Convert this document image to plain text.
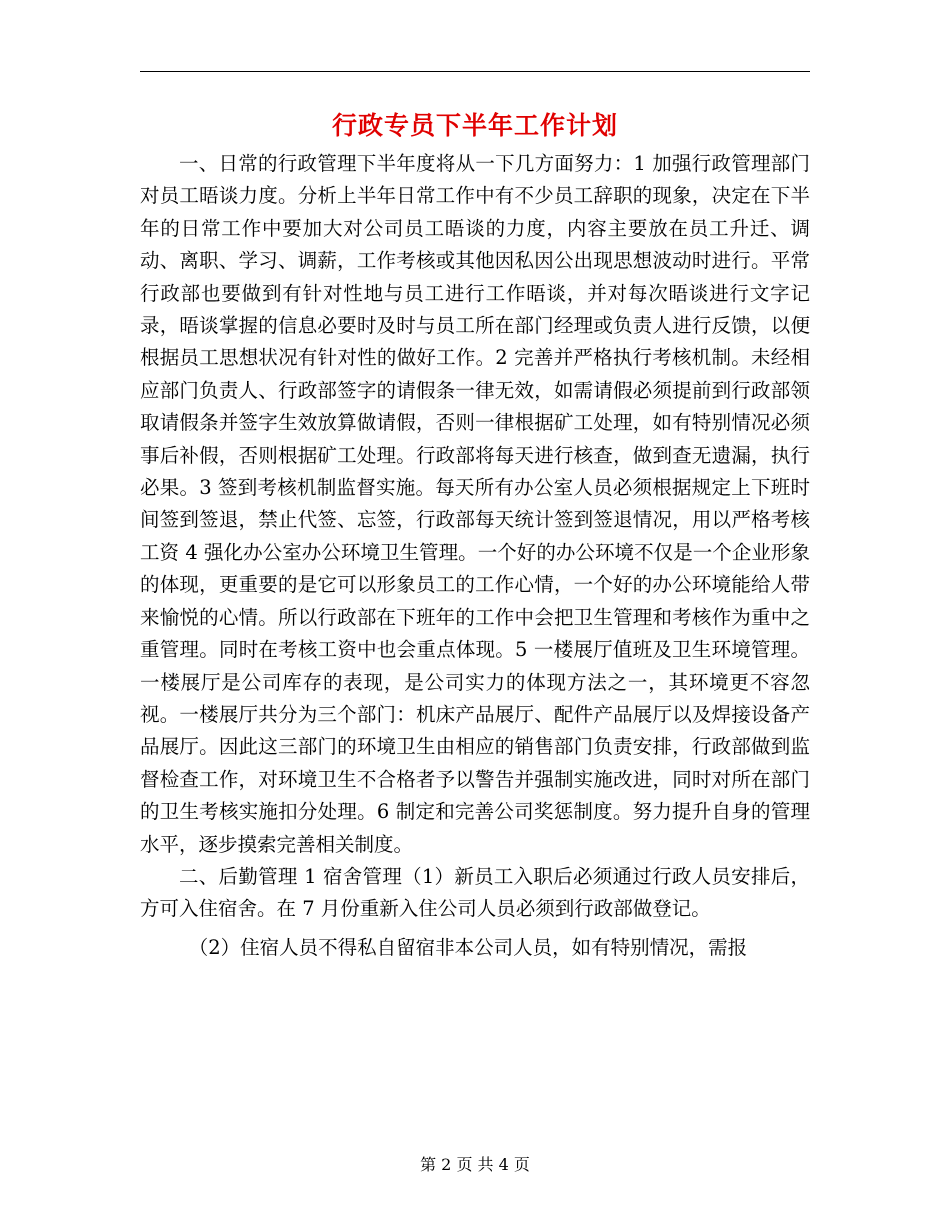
行政专员下半年工作计划

一、日常的行政管理下半年度将从一下几方面努力：1 加强行政管理部门对员工晤谈力度。分析上半年日常工作中有不少员工辞职的现象，决定在下半年的日常工作中要加大对公司员工晤谈的力度，内容主要放在员工升迁、调动、离职、学习、调薪，工作考核或其他因私因公出现思想波动时进行。平常行政部也要做到有针对性地与员工进行工作晤谈，并对每次晤谈进行文字记录，晤谈掌握的信息必要时及时与员工所在部门经理或负责人进行反馈，以便根据员工思想状况有针对性的做好工作。2 完善并严格执行考核机制。未经相应部门负责人、行政部签字的请假条一律无效，如需请假必须提前到行政部领取请假条并签字生效放算做请假，否则一律根据矿工处理，如有特别情况必须事后补假，否则根据矿工处理。行政部将每天进行核查，做到查无遗漏，执行必果。3 签到考核机制监督实施。每天所有办公室人员必须根据规定上下班时间签到签退，禁止代签、忘签，行政部每天统计签到签退情况，用以严格考核工资 4 强化办公室办公环境卫生管理。一个好的办公环境不仅是一个企业形象的体现，更重要的是它可以形象员工的工作心情，一个好的办公环境能给人带来愉悦的心情。所以行政部在下班年的工作中会把卫生管理和考核作为重中之重管理。同时在考核工资中也会重点体现。5 一楼展厅值班及卫生环境管理。一楼展厅是公司库存的表现，是公司实力的体现方法之一，其环境更不容忽视。一楼展厅共分为三个部门：机床产品展厅、配件产品展厅以及焊接设备产品展厅。因此这三部门的环境卫生由相应的销售部门负责安排，行政部做到监督检查工作，对环境卫生不合格者予以警告并强制实施改进，同时对所在部门的卫生考核实施扣分处理。6 制定和完善公司奖惩制度。努力提升自身的管理水平，逐步摸索完善相关制度。

二、后勤管理 1 宿舍管理（1）新员工入职后必须通过行政人员安排后，方可入住宿舍。在 7 月份重新入住公司人员必须到行政部做登记。

（2）住宿人员不得私自留宿非本公司人员，如有特别情况，需报

第 2 页 共 4 页
